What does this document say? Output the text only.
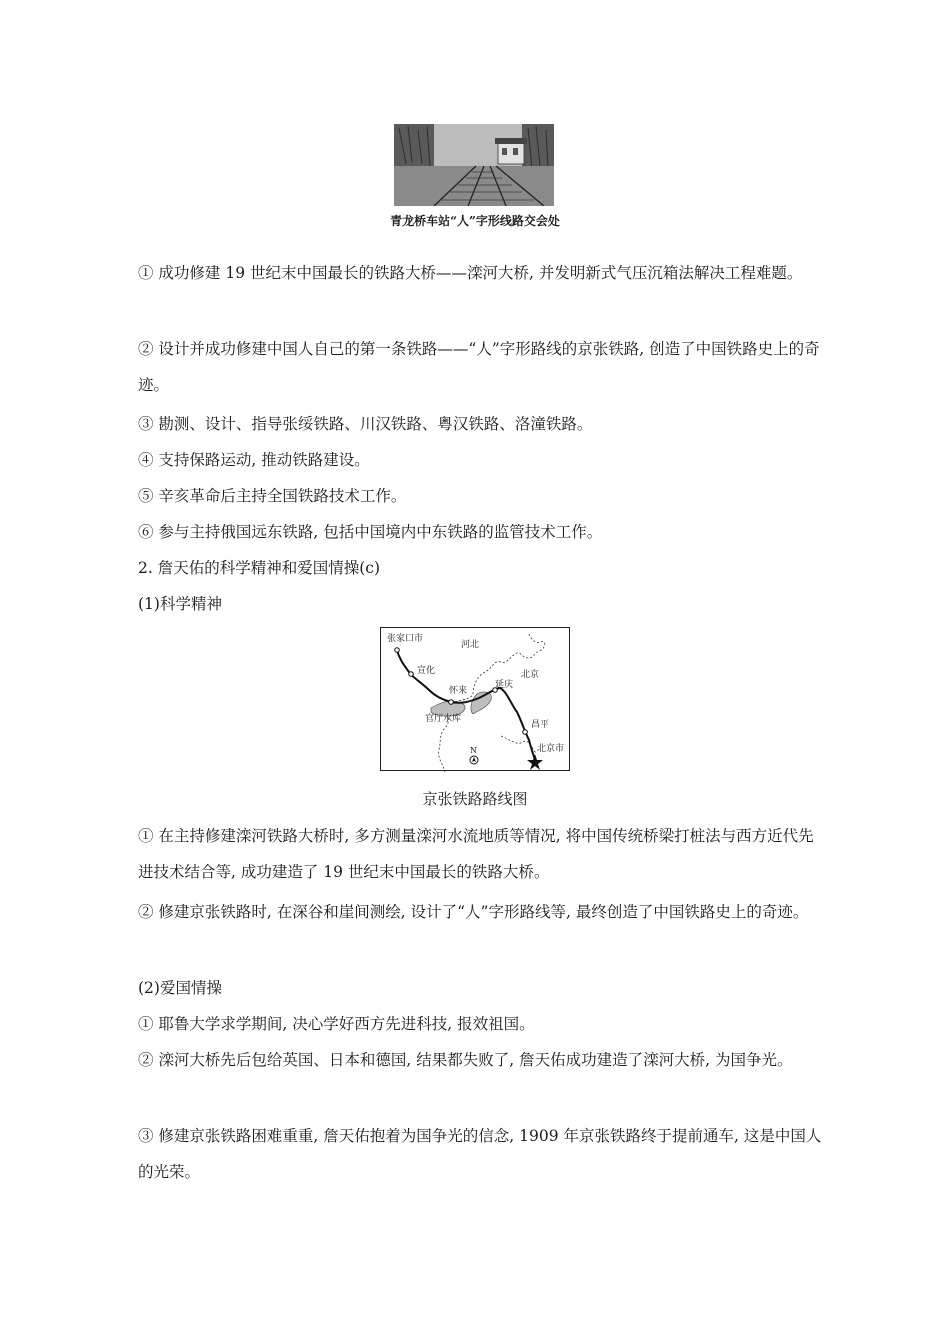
青龙桥车站“人”字形线路交会处

① 成功修建 19 世纪末中国最长的铁路大桥——滦河大桥, 并发明新式气压沉箱法解决工程难题。

② 设计并成功修建中国人自己的第一条铁路——“人”字形路线的京张铁路, 创造了中国铁路史上的奇迹。

③ 勘测、设计、指导张绥铁路、川汉铁路、粤汉铁路、洛潼铁路。

④ 支持保路运动, 推动铁路建设。

⑤ 辛亥革命后主持全国铁路技术工作。

⑥ 参与主持俄国远东铁路, 包括中国境内中东铁路的监管技术工作。

2. 詹天佑的科学精神和爱国情操(c)

(1)科学精神

张家口市
河北
宣化
怀来
延庆
北京
官厅水库
昌平
北京市
N
京张铁路路线图

① 在主持修建滦河铁路大桥时, 多方测量滦河水流地质等情况, 将中国传统桥梁打桩法与西方近代先进技术结合等, 成功建造了 19 世纪末中国最长的铁路大桥。

② 修建京张铁路时, 在深谷和崖间测绘, 设计了“人”字形路线等, 最终创造了中国铁路史上的奇迹。

(2)爱国情操

① 耶鲁大学求学期间, 决心学好西方先进科技, 报效祖国。

② 滦河大桥先后包给英国、日本和德国, 结果都失败了, 詹天佑成功建造了滦河大桥, 为国争光。

③ 修建京张铁路困难重重, 詹天佑抱着为国争光的信念, 1909 年京张铁路终于提前通车, 这是中国人的光荣。
